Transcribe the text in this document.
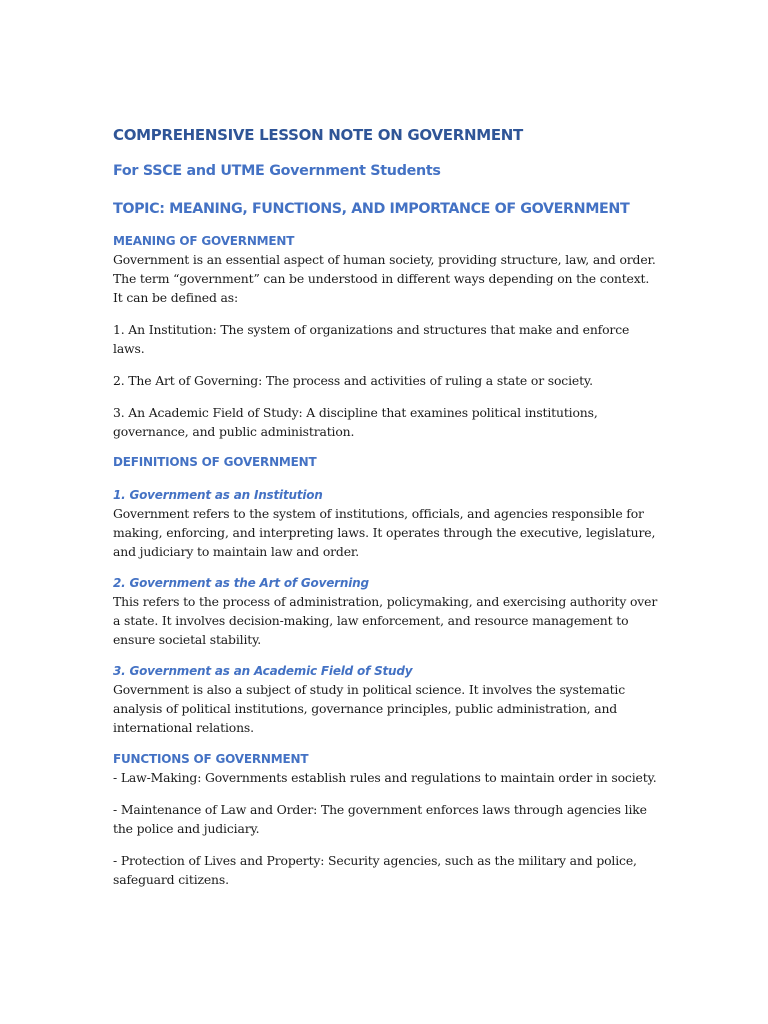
COMPREHENSIVE LESSON NOTE ON GOVERNMENT
For SSCE and UTME Government Students
TOPIC: MEANING, FUNCTIONS, AND IMPORTANCE OF GOVERNMENT
MEANING OF GOVERNMENT

Government is an essential aspect of human society, providing structure, law, and order. The term “government” can be understood in different ways depending on the context. It can be defined as:

1. An Institution: The system of organizations and structures that make and enforce laws.

2. The Art of Governing: The process and activities of ruling a state or society.

3. An Academic Field of Study: A discipline that examines political institutions, governance, and public administration.

DEFINITIONS OF GOVERNMENT
1. Government as an Institution

Government refers to the system of institutions, officials, and agencies responsible for making, enforcing, and interpreting laws. It operates through the executive, legislature, and judiciary to maintain law and order.

2. Government as the Art of Governing

This refers to the process of administration, policymaking, and exercising authority over a state. It involves decision-making, law enforcement, and resource management to ensure societal stability.

3. Government as an Academic Field of Study

Government is also a subject of study in political science. It involves the systematic analysis of political institutions, governance principles, public administration, and international relations.

FUNCTIONS OF GOVERNMENT

- Law-Making: Governments establish rules and regulations to maintain order in society.

- Maintenance of Law and Order: The government enforces laws through agencies like the police and judiciary.

- Protection of Lives and Property: Security agencies, such as the military and police, safeguard citizens.
